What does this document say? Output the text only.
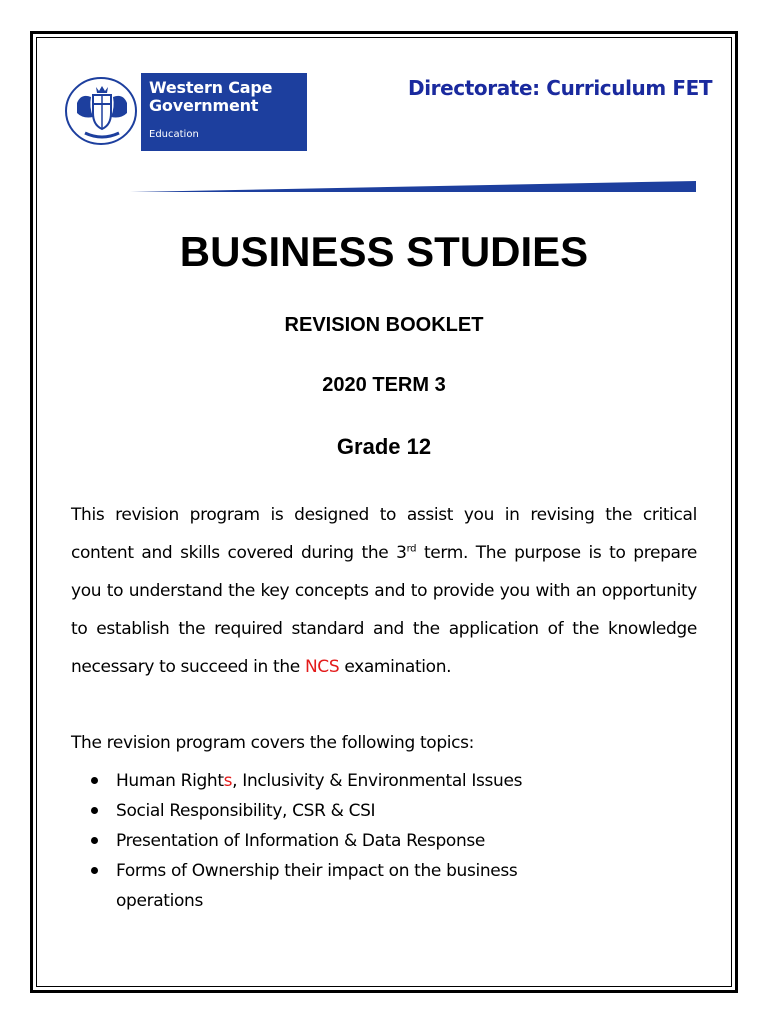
Western Cape
Government
Education
Directorate: Curriculum FET
BUSINESS STUDIES
REVISION BOOKLET
2020 TERM 3
Grade 12
This revision program is designed to assist you in revising the critical content and skills covered during the 3rd term. The purpose is to prepare you to understand the key concepts and to provide you with an opportunity to establish the required standard and the application of the knowledge necessary to succeed in the NCS examination.
The revision program covers the following topics:
Human Rights, Inclusivity & Environmental Issues
Social Responsibility, CSR & CSI
Presentation of Information & Data Response
Forms of Ownership their impact on the business operations
